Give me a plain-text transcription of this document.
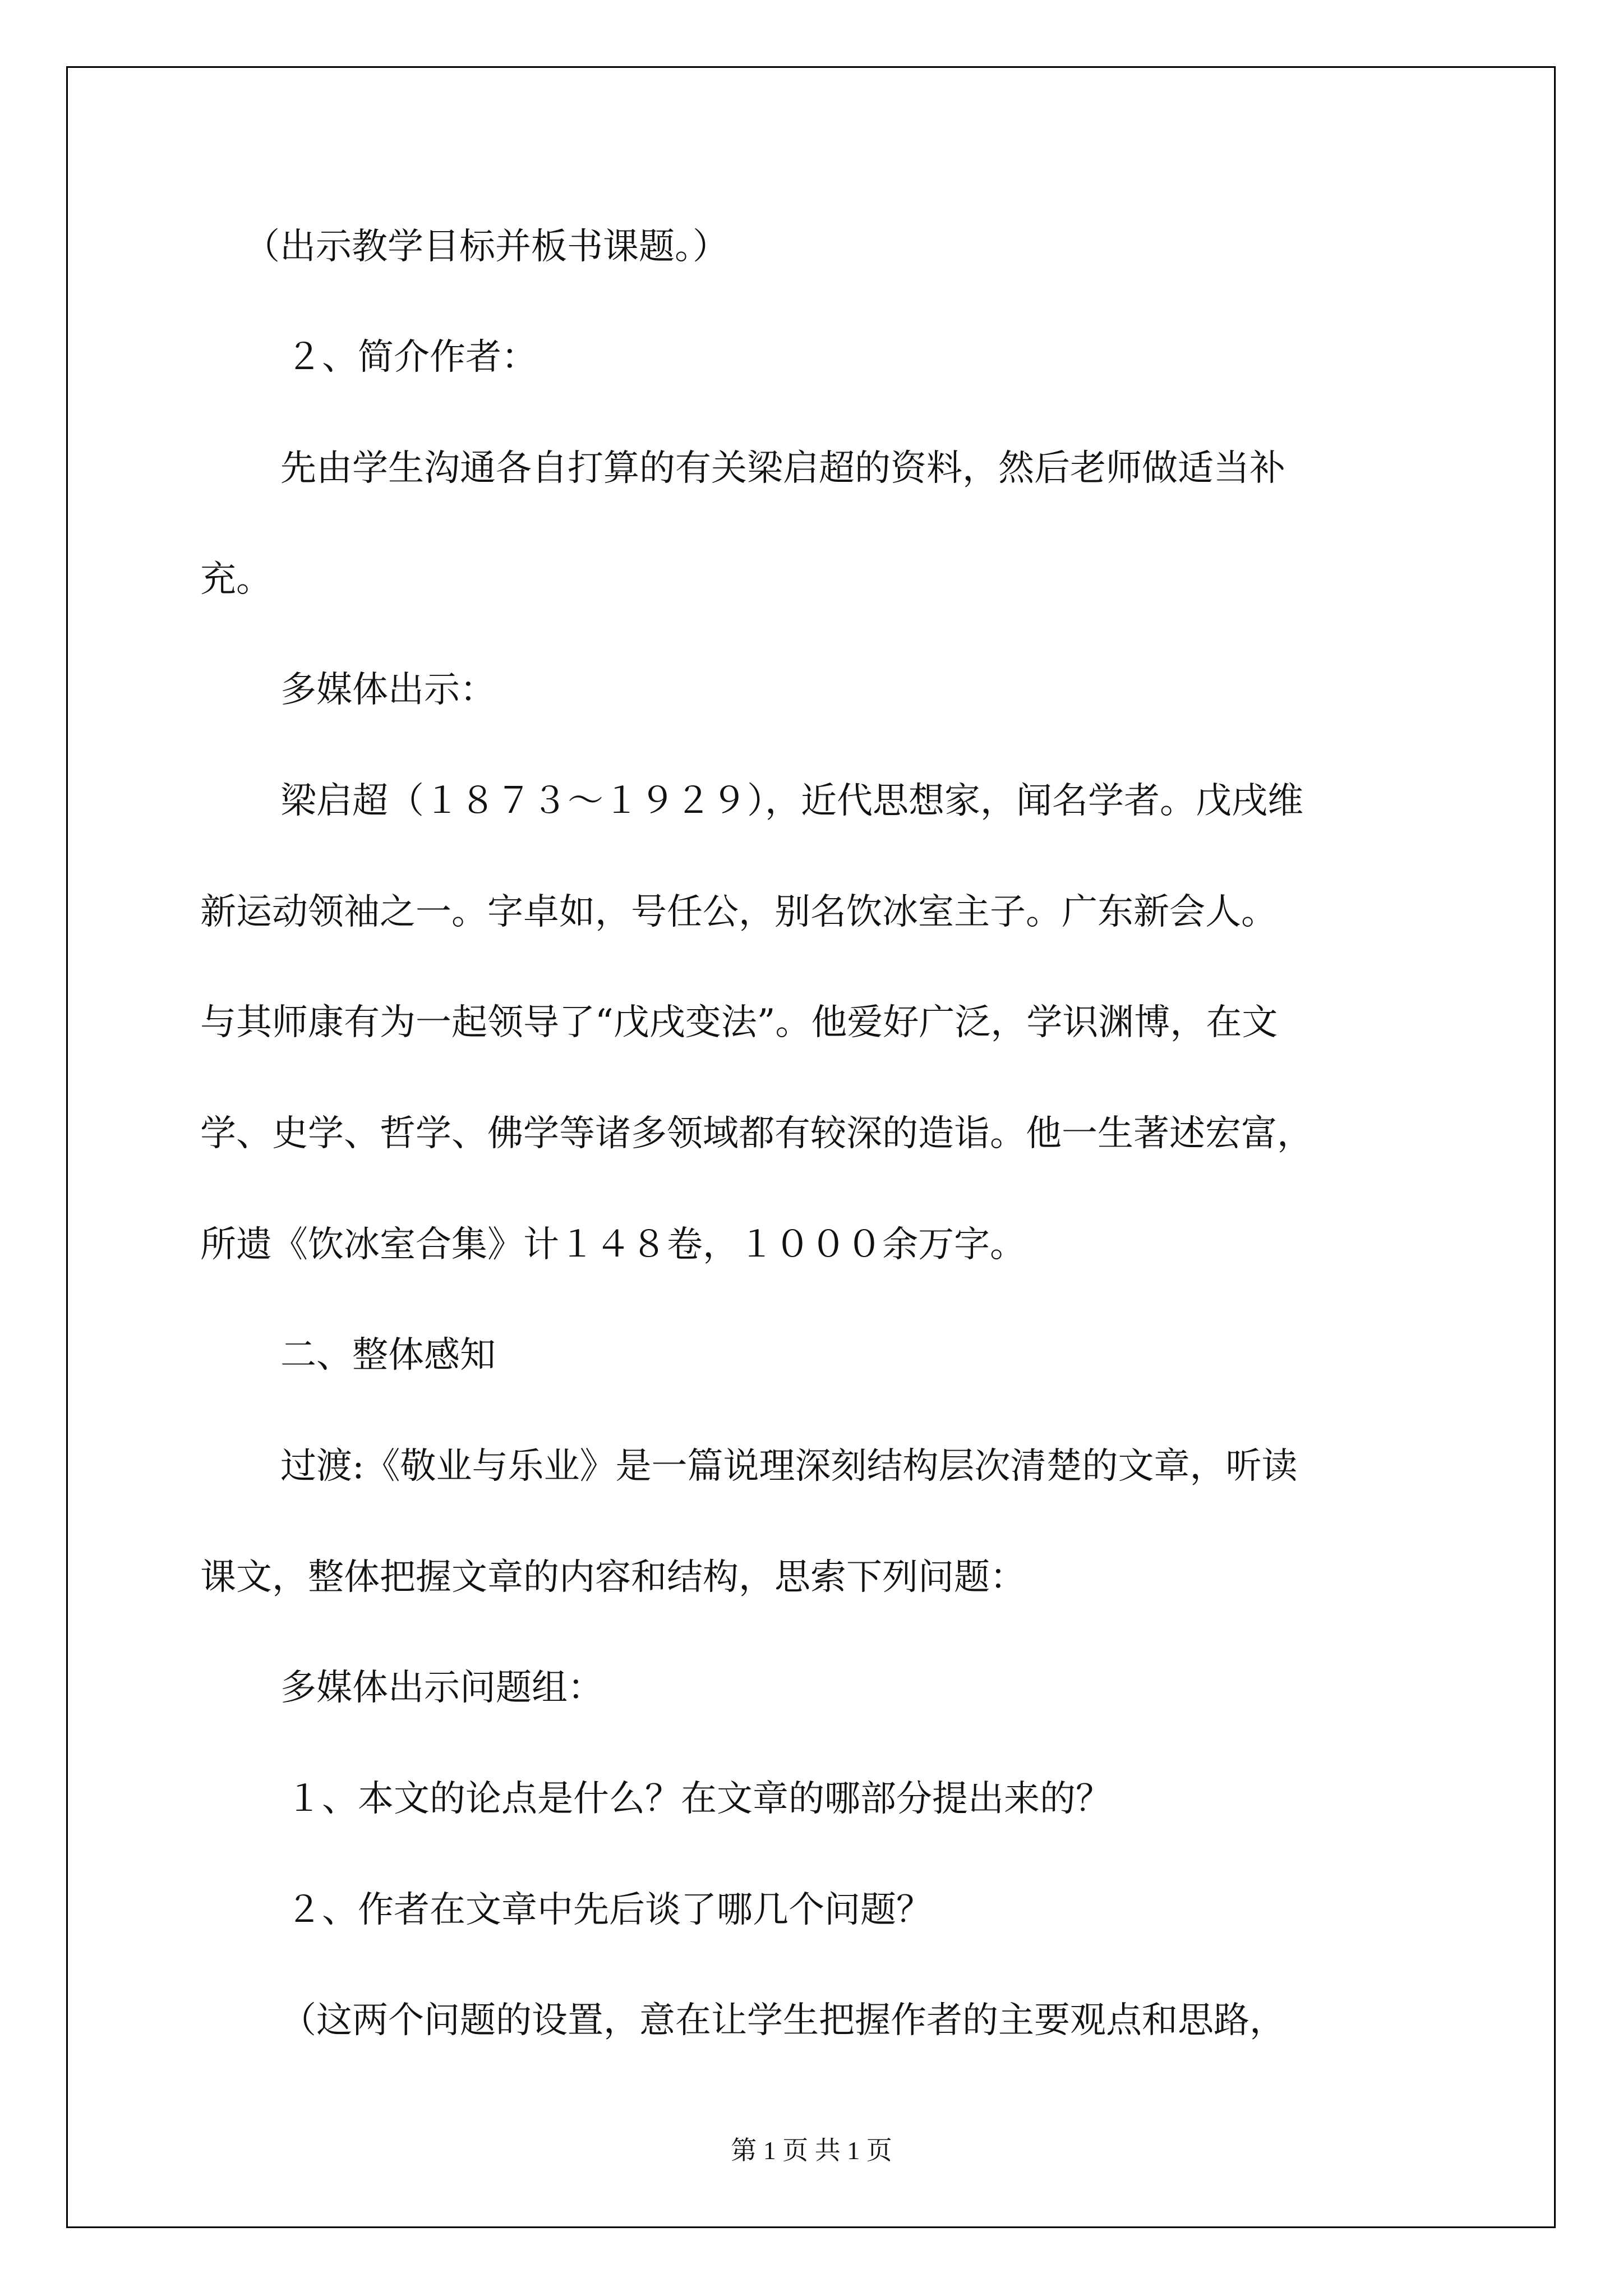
（出示教学目标并板书课题。）
２、简介作者：
先由学生沟通各自打算的有关梁启超的资料，然后老师做适当补
充。
多媒体出示：
梁启超（１８７３～１９２９），近代思想家，闻名学者。戊戌维
新运动领袖之一。字卓如，号任公，别名饮冰室主子。广东新会人。
与其师康有为一起领导了“戊戌变法”。他爱好广泛，学识渊博，在文
学、史学、哲学、佛学等诸多领域都有较深的造诣。他一生著述宏富，
所遗《饮冰室合集》计１４８卷，１０００余万字。
二、整体感知
过渡:《敬业与乐业》是一篇说理深刻结构层次清楚的文章，听读
课文，整体把握文章的内容和结构，思索下列问题：
多媒体出示问题组：
１、本文的论点是什么？在文章的哪部分提出来的？
２、作者在文章中先后谈了哪几个问题？
（这两个问题的设置，意在让学生把握作者的主要观点和思路，
第 1 页 共 1 页
